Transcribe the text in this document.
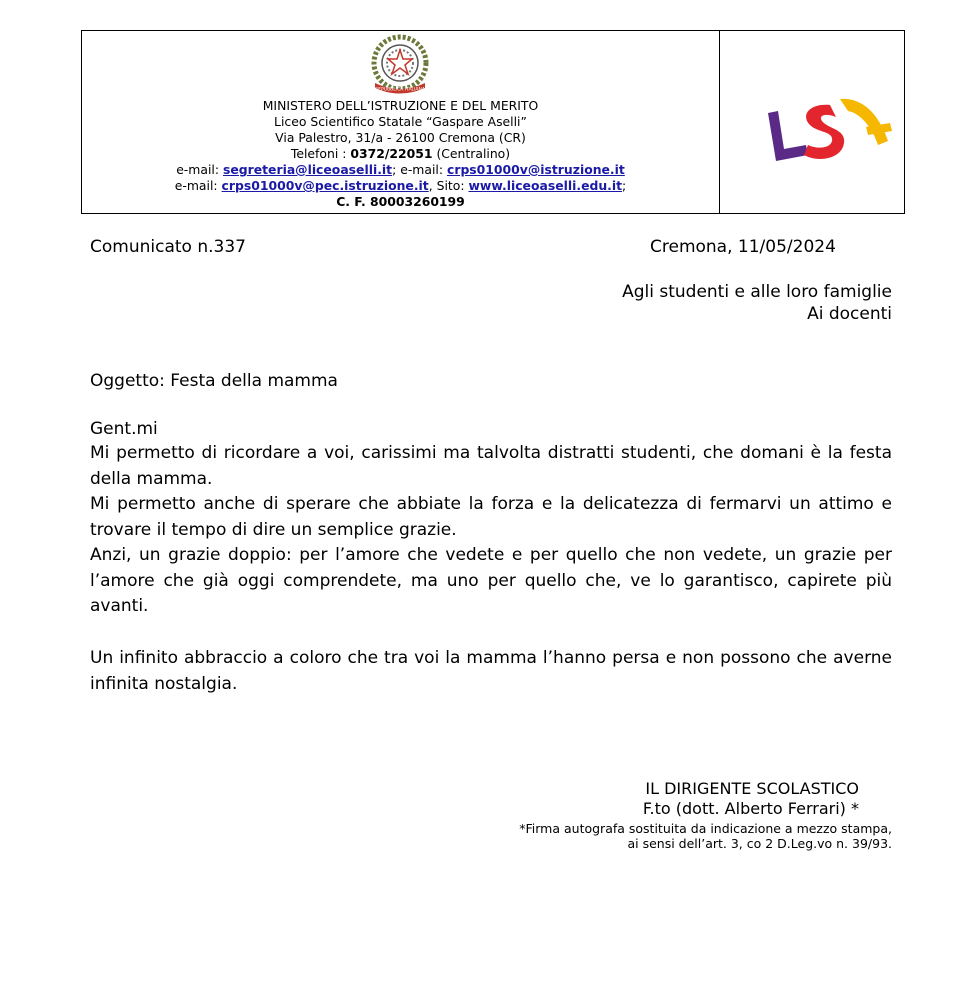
REPUBBLICA ITALIANA
MINISTERO DELL’ISTRUZIONE E DEL MERITO
Liceo Scientifico Statale “Gaspare Aselli”
Via Palestro, 31/a - 26100 Cremona (CR)
Telefoni : 0372/22051 (Centralino)
e-mail: segreteria@liceoaselli.it; e-mail: crps01000v@istruzione.it
e-mail: crps01000v@pec.istruzione.it, Sito: www.liceoaselli.edu.it;
C. F. 80003260199
Comunicato n.337	Cremona, 11/05/2024
Agli studenti e alle loro famiglie
Ai docenti
Oggetto: Festa della mamma
Gent.mi
Mi permetto di ricordare a voi, carissimi ma talvolta distratti studenti, che domani è la festa della mamma.
Mi permetto anche di sperare che abbiate la forza e la delicatezza di fermarvi un attimo e trovare il tempo di dire un semplice grazie.
Anzi, un grazie doppio: per l’amore che vedete e per quello che non vedete, un grazie per l’amore che già oggi comprendete, ma uno per quello che, ve lo garantisco, capirete più avanti.
Un infinito abbraccio a coloro che tra voi la mamma l’hanno persa e non possono che averne infinita nostalgia.
IL DIRIGENTE SCOLASTICO
F.to (dott. Alberto Ferrari) *
*Firma autografa sostituita da indicazione a mezzo stampa,
ai sensi dell’art. 3, co 2 D.Leg.vo n. 39/93.
